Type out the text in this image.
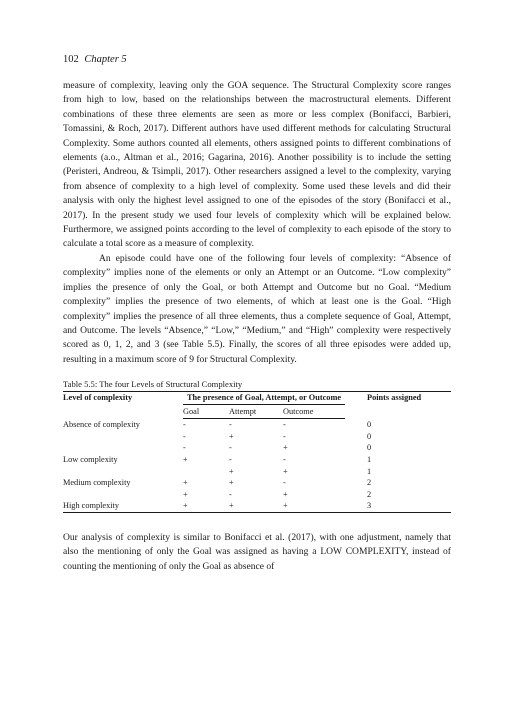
102 Chapter 5

measure of complexity, leaving only the GOA sequence. The Structural Complexity score ranges from high to low, based on the relationships between the macrostructural elements. Different combinations of these three elements are seen as more or less complex (Bonifacci, Barbieri, Tomassini, & Roch, 2017). Different authors have used different methods for calculating Structural Complexity. Some authors counted all elements, others assigned points to different combinations of elements (a.o., Altman et al., 2016; Gagarina, 2016). Another possibility is to include the setting (Peristeri, Andreou, & Tsimpli, 2017). Other researchers assigned a level to the complexity, varying from absence of complexity to a high level of complexity. Some used these levels and did their analysis with only the highest level assigned to one of the episodes of the story (Bonifacci et al., 2017). In the present study we used four levels of complexity which will be explained below. Furthermore, we assigned points according to the level of complexity to each episode of the story to calculate a total score as a measure of complexity.

An episode could have one of the following four levels of complexity: “Absence of complexity” implies none of the elements or only an Attempt or an Outcome. “Low complexity” implies the presence of only the Goal, or both Attempt and Outcome but no Goal. “Medium complexity” implies the presence of two elements, of which at least one is the Goal. “High complexity” implies the presence of all three elements, thus a complete sequence of Goal, Attempt, and Outcome. The levels “Absence,” “Low,” “Medium,” and “High” complexity were respectively scored as 0, 1, 2, and 3 (see Table 5.5). Finally, the scores of all three episodes were added up, resulting in a maximum score of 9 for Structural Complexity.

Table 5.5: The four Levels of Structural Complexity
Level of complexity	The presence of Goal, Attempt, or Outcome			Points assigned
	Goal	Attempt	Outcome	
Absence of complexity	-	-	-	0
	-	+	-	0
	-	-	+	0
Low complexity	+	-	-	1
		+	+	1
Medium complexity	+	+	-	2
	+	-	+	2
High complexity	+	+	+	3

Our analysis of complexity is similar to Bonifacci et al. (2017), with one adjustment, namely that also the mentioning of only the Goal was assigned as having a LOW COMPLEXITY, instead of counting the mentioning of only the Goal as absence of
